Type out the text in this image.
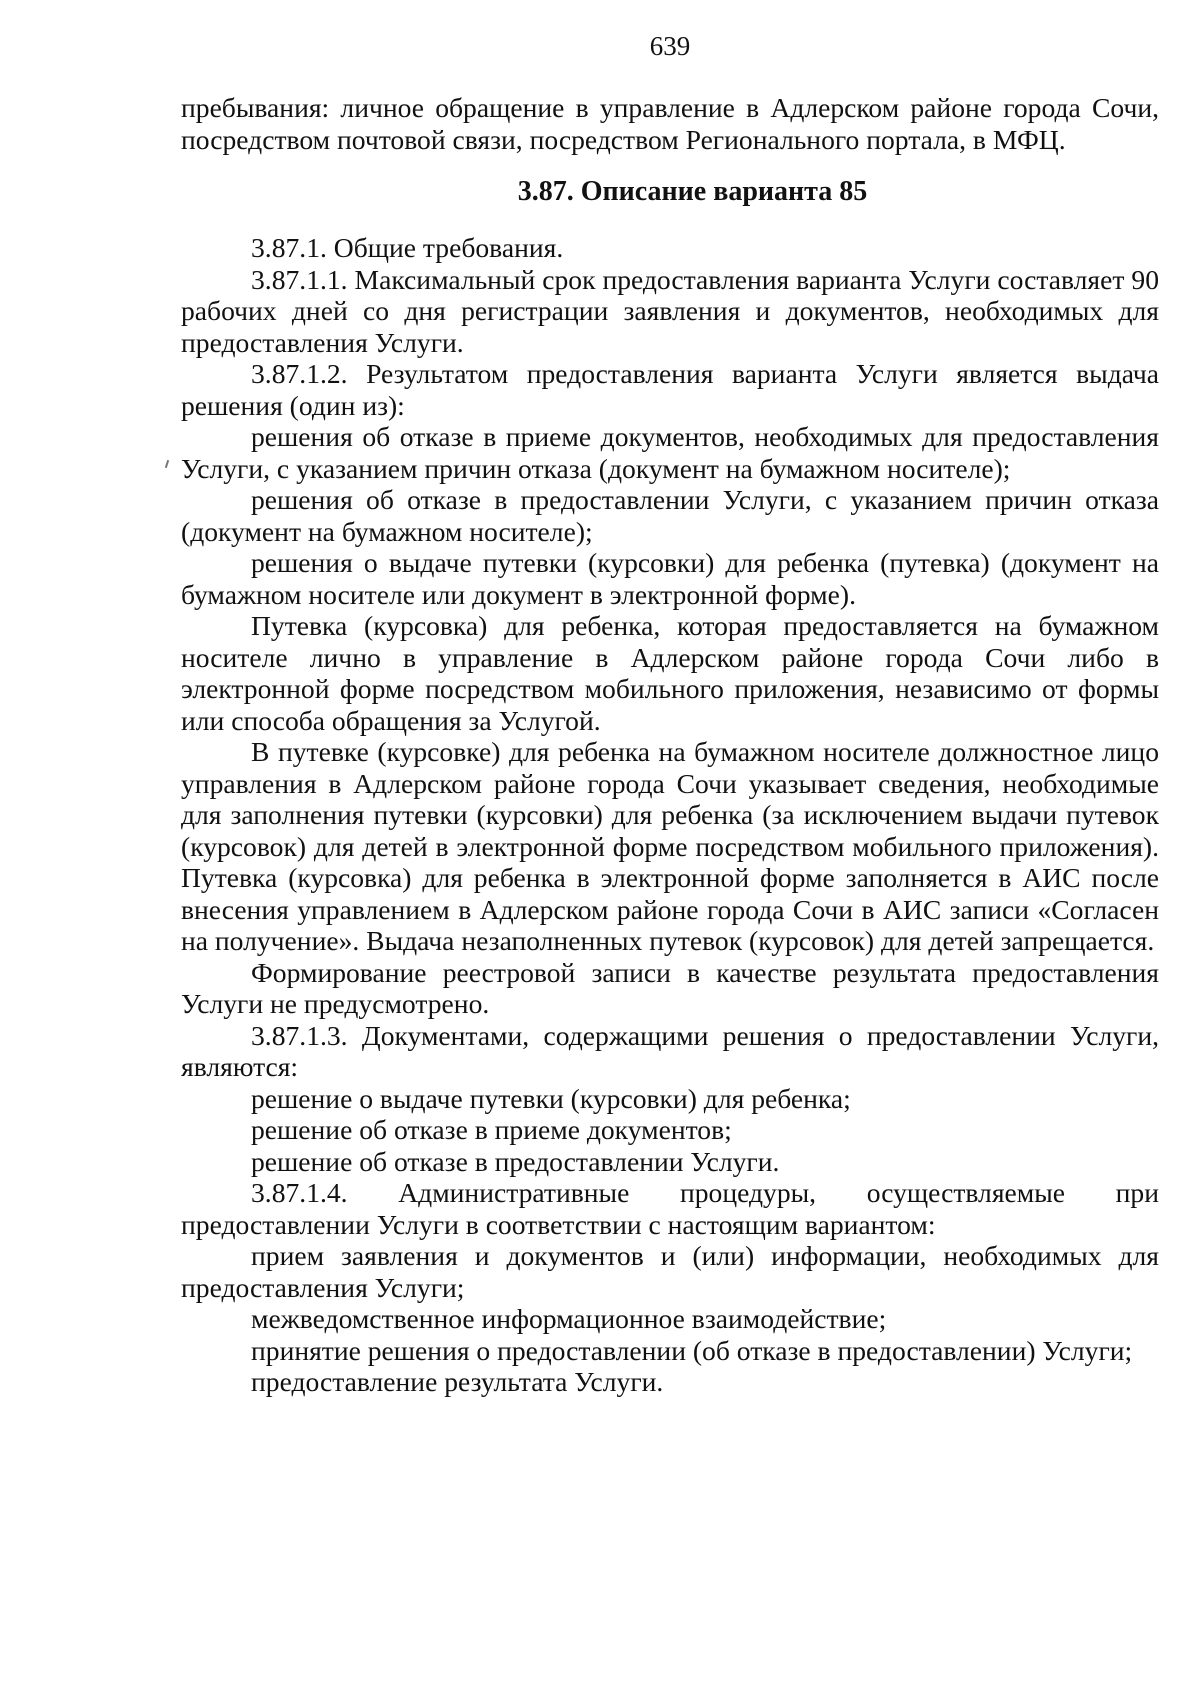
639

пребывания: личное обращение в управление в Адлерском районе города Сочи, посредством почтовой связи, посредством Регионального портала, в МФЦ.

3.87. Описание варианта 85

3.87.1. Общие требования.

3.87.1.1. Максимальный срок предоставления варианта Услуги составляет 90 рабочих дней со дня регистрации заявления и документов, необходимых для предоставления Услуги.

3.87.1.2. Результатом предоставления варианта Услуги является выдача решения (один из):

решения об отказе в приеме документов, необходимых для предоставления Услуги, с указанием причин отказа (документ на бумажном носителе);

решения об отказе в предоставлении Услуги, с указанием причин отказа (документ на бумажном носителе);

решения о выдаче путевки (курсовки) для ребенка (путевка) (документ на бумажном носителе или документ в электронной форме).

Путевка (курсовка) для ребенка, которая предоставляется на бумажном носителе лично в управление в Адлерском районе города Сочи либо в электронной форме посредством мобильного приложения, независимо от формы или способа обращения за Услугой.

В путевке (курсовке) для ребенка на бумажном носителе должностное лицо управления в Адлерском районе города Сочи указывает сведения, необходимые для заполнения путевки (курсовки) для ребенка (за исключением выдачи путевок (курсовок) для детей в электронной форме посредством мобильного приложения). Путевка (курсовка) для ребенка в электронной форме заполняется в АИС после внесения управлением в Адлерском районе города Сочи в АИС записи «Согласен на получение». Выдача незаполненных путевок (курсовок) для детей запрещается.

Формирование реестровой записи в качестве результата предоставления Услуги не предусмотрено.

3.87.1.3. Документами, содержащими решения о предоставлении Услуги, являются:

решение о выдаче путевки (курсовки) для ребенка;

решение об отказе в приеме документов;

решение об отказе в предоставлении Услуги.

3.87.1.4. Административные процедуры, осуществляемые при предоставлении Услуги в соответствии с настоящим вариантом:

прием заявления и документов и (или) информации, необходимых для предоставления Услуги;

межведомственное информационное взаимодействие;

принятие решения о предоставлении (об отказе в предоставлении) Услуги;

предоставление результата Услуги.
